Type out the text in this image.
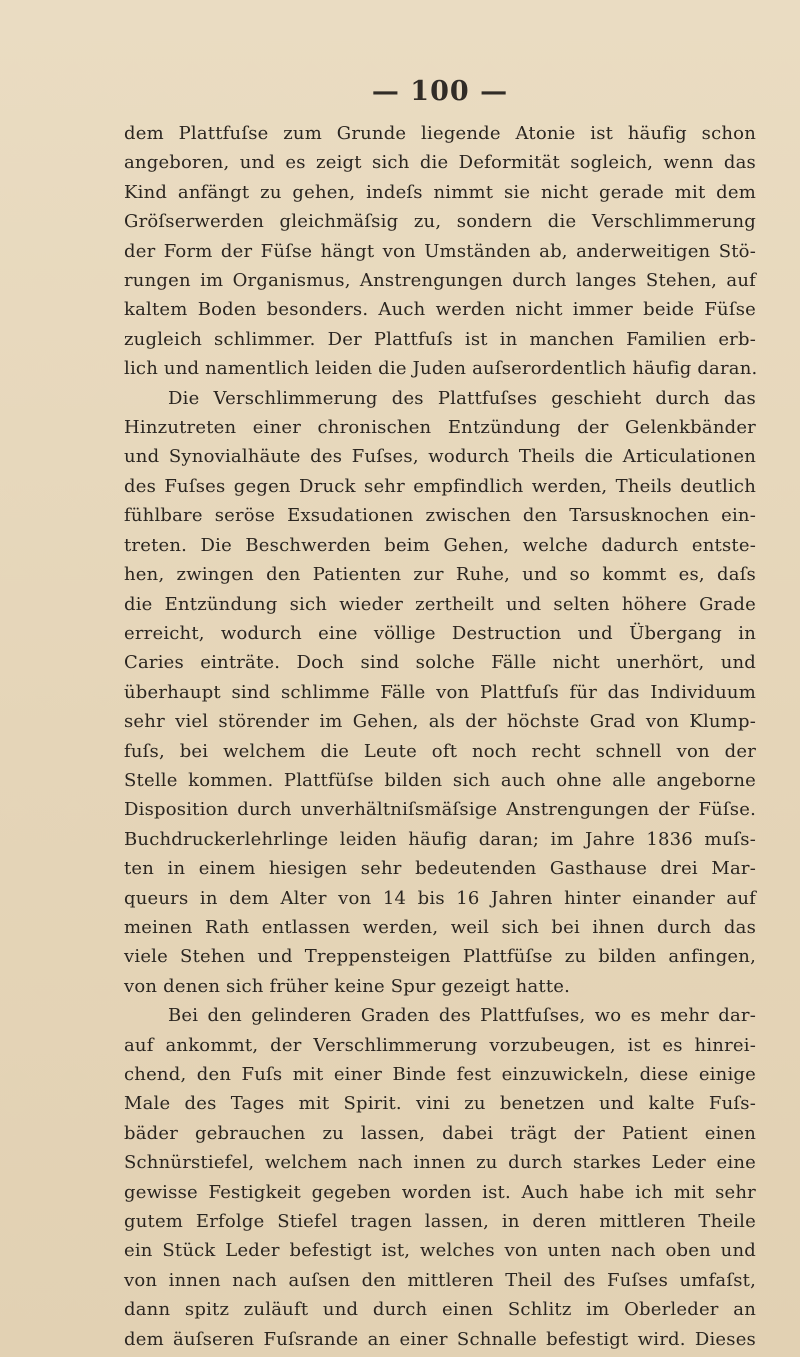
— 100 —
dem Plattfuſse zum Grunde liegende Atonie ist häufig schon
angeboren, und es zeigt sich die Deformität sogleich, wenn das
Kind anfängt zu gehen, indeſs nimmt sie nicht gerade mit dem
Gröſserwerden gleichmäſsig zu, sondern die Verschlimmerung
der Form der Füſse hängt von Umständen ab, anderweitigen Stö-
rungen im Organismus, Anstrengungen durch langes Stehen, auf
kaltem Boden besonders. Auch werden nicht immer beide Füſse
zugleich schlimmer. Der Plattfuſs ist in manchen Familien erb-
lich und namentlich leiden die Juden auſserordentlich häufig daran.
Die Verschlimmerung des Plattfuſses geschieht durch das
Hinzutreten einer chronischen Entzündung der Gelenkbänder
und Synovialhäute des Fuſses, wodurch Theils die Articulationen
des Fuſses gegen Druck sehr empfindlich werden, Theils deutlich
fühlbare seröse Exsudationen zwischen den Tarsusknochen ein-
treten. Die Beschwerden beim Gehen, welche dadurch entste-
hen, zwingen den Patienten zur Ruhe, und so kommt es, daſs
die Entzündung sich wieder zertheilt und selten höhere Grade
erreicht, wodurch eine völlige Destruction und Übergang in
Caries einträte. Doch sind solche Fälle nicht unerhört, und
überhaupt sind schlimme Fälle von Plattfuſs für das Individuum
sehr viel störender im Gehen, als der höchste Grad von Klump-
fuſs, bei welchem die Leute oft noch recht schnell von der
Stelle kommen. Plattfüſse bilden sich auch ohne alle angeborne
Disposition durch unverhältniſsmäſsige Anstrengungen der Füſse.
Buchdruckerlehrlinge leiden häufig daran; im Jahre 1836 muſs-
ten in einem hiesigen sehr bedeutenden Gasthause drei Mar-
queurs in dem Alter von 14 bis 16 Jahren hinter einander auf
meinen Rath entlassen werden, weil sich bei ihnen durch das
viele Stehen und Treppensteigen Plattfüſse zu bilden anfingen,
von denen sich früher keine Spur gezeigt hatte.
Bei den gelinderen Graden des Plattfuſses, wo es mehr dar-
auf ankommt, der Verschlimmerung vorzubeugen, ist es hinrei-
chend, den Fuſs mit einer Binde fest einzuwickeln, diese einige
Male des Tages mit Spirit. vini zu benetzen und kalte Fuſs-
bäder gebrauchen zu lassen, dabei trägt der Patient einen
Schnürstiefel, welchem nach innen zu durch starkes Leder eine
gewisse Festigkeit gegeben worden ist. Auch habe ich mit sehr
gutem Erfolge Stiefel tragen lassen, in deren mittleren Theile
ein Stück Leder befestigt ist, welches von unten nach oben und
von innen nach auſsen den mittleren Theil des Fuſses umfaſst,
dann spitz zuläuft und durch einen Schlitz im Oberleder an
dem äuſseren Fuſsrande an einer Schnalle befestigt wird. Dieses
